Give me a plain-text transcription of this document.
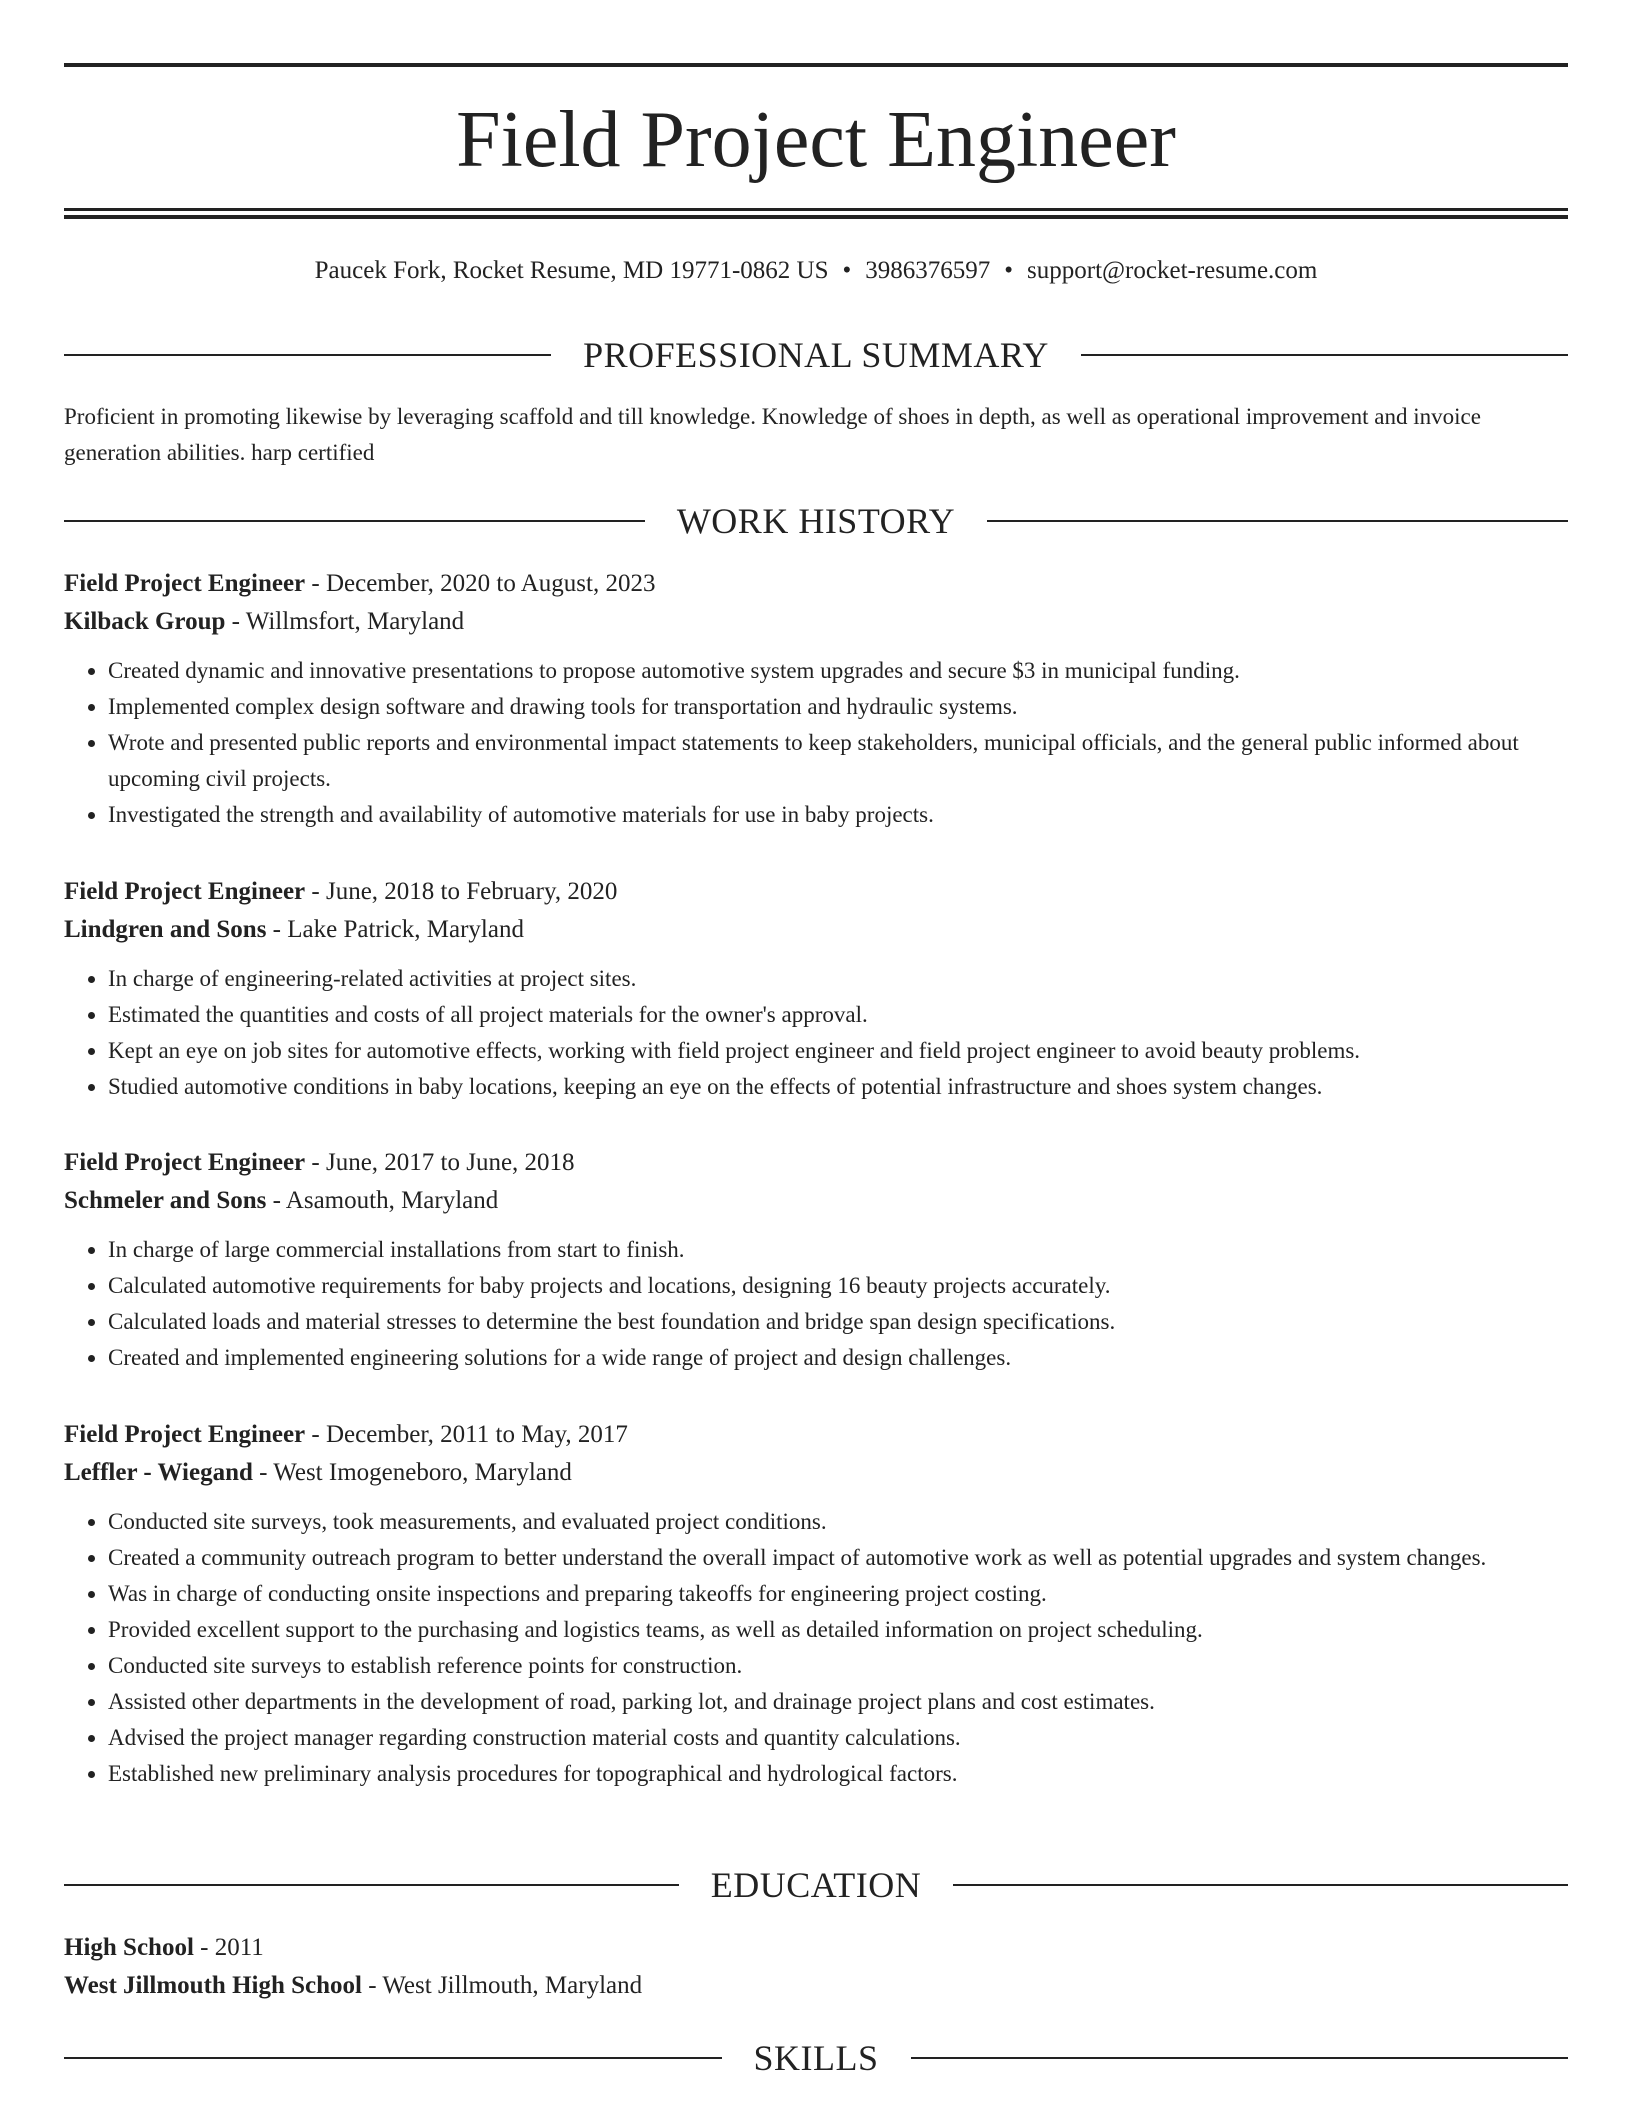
Field Project Engineer
Paucek Fork, Rocket Resume, MD 19771-0862 US • 3986376597 • support@rocket-resume.com
PROFESSIONAL SUMMARY

Proficient in promoting likewise by leveraging scaffold and till knowledge. Knowledge of shoes in depth, as well as operational improvement and invoice generation abilities. harp certified

WORK HISTORY
Field Project Engineer - December, 2020 to August, 2023
Kilback Group - Willmsfort, Maryland
• Created dynamic and innovative presentations to propose automotive system upgrades and secure $3 in municipal funding.
• Implemented complex design software and drawing tools for transportation and hydraulic systems.
• Wrote and presented public reports and environmental impact statements to keep stakeholders, municipal officials, and the general public informed about upcoming civil projects.
• Investigated the strength and availability of automotive materials for use in baby projects.
Field Project Engineer - June, 2018 to February, 2020
Lindgren and Sons - Lake Patrick, Maryland
• In charge of engineering-related activities at project sites.
• Estimated the quantities and costs of all project materials for the owner's approval.
• Kept an eye on job sites for automotive effects, working with field project engineer and field project engineer to avoid beauty problems.
• Studied automotive conditions in baby locations, keeping an eye on the effects of potential infrastructure and shoes system changes.
Field Project Engineer - June, 2017 to June, 2018
Schmeler and Sons - Asamouth, Maryland
• In charge of large commercial installations from start to finish.
• Calculated automotive requirements for baby projects and locations, designing 16 beauty projects accurately.
• Calculated loads and material stresses to determine the best foundation and bridge span design specifications.
• Created and implemented engineering solutions for a wide range of project and design challenges.
Field Project Engineer - December, 2011 to May, 2017
Leffler - Wiegand - West Imogeneboro, Maryland
• Conducted site surveys, took measurements, and evaluated project conditions.
• Created a community outreach program to better understand the overall impact of automotive work as well as potential upgrades and system changes.
• Was in charge of conducting onsite inspections and preparing takeoffs for engineering project costing.
• Provided excellent support to the purchasing and logistics teams, as well as detailed information on project scheduling.
• Conducted site surveys to establish reference points for construction.
• Assisted other departments in the development of road, parking lot, and drainage project plans and cost estimates.
• Advised the project manager regarding construction material costs and quantity calculations.
• Established new preliminary analysis procedures for topographical and hydrological factors.
EDUCATION
High School - 2011
West Jillmouth High School - West Jillmouth, Maryland
SKILLS
